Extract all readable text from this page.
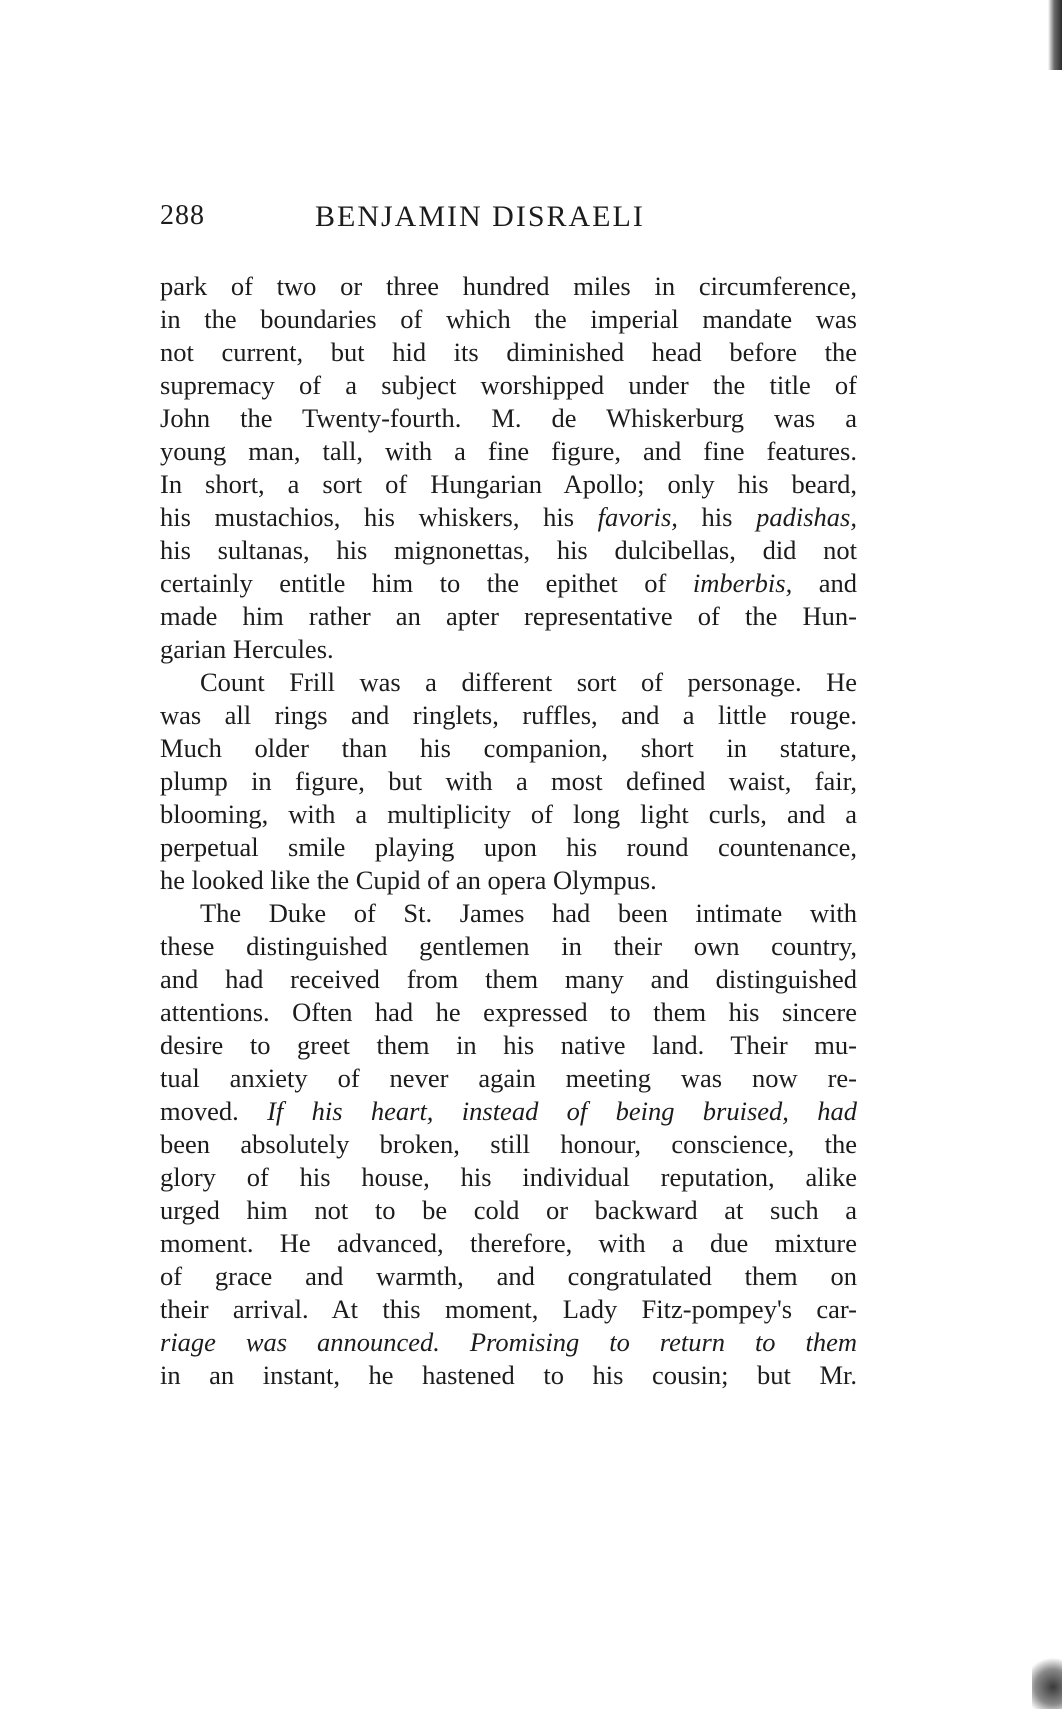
288	BENJAMIN DISRAELI
park of two or three hundred miles in circumference,
in the boundaries of which the imperial mandate was
not current, but hid its diminished head before the
supremacy of a subject worshipped under the title of
John the Twenty-fourth. M. de Whiskerburg was a
young man, tall, with a fine figure, and fine features.
In short, a sort of Hungarian Apollo; only his beard,
his mustachios, his whiskers, his favoris, his padishas,
his sultanas, his mignonettas, his dulcibellas, did not
certainly entitle him to the epithet of imberbis, and
made him rather an apter representative of the Hun-
garian Hercules.
Count Frill was a different sort of personage. He
was all rings and ringlets, ruffles, and a little rouge.
Much older than his companion, short in stature,
plump in figure, but with a most defined waist, fair,
blooming, with a multiplicity of long light curls, and a
perpetual smile playing upon his round countenance,
he looked like the Cupid of an opera Olympus.
The Duke of St. James had been intimate with
these distinguished gentlemen in their own country,
and had received from them many and distinguished
attentions. Often had he expressed to them his sincere
desire to greet them in his native land. Their mu-
tual anxiety of never again meeting was now re-
moved. If his heart, instead of being bruised, had
been absolutely broken, still honour, conscience, the
glory of his house, his individual reputation, alike
urged him not to be cold or backward at such a
moment. He advanced, therefore, with a due mixture
of grace and warmth, and congratulated them on
their arrival. At this moment, Lady Fitz-pompey's car-
riage was announced. Promising to return to them
in an instant, he hastened to his cousin; but Mr.
